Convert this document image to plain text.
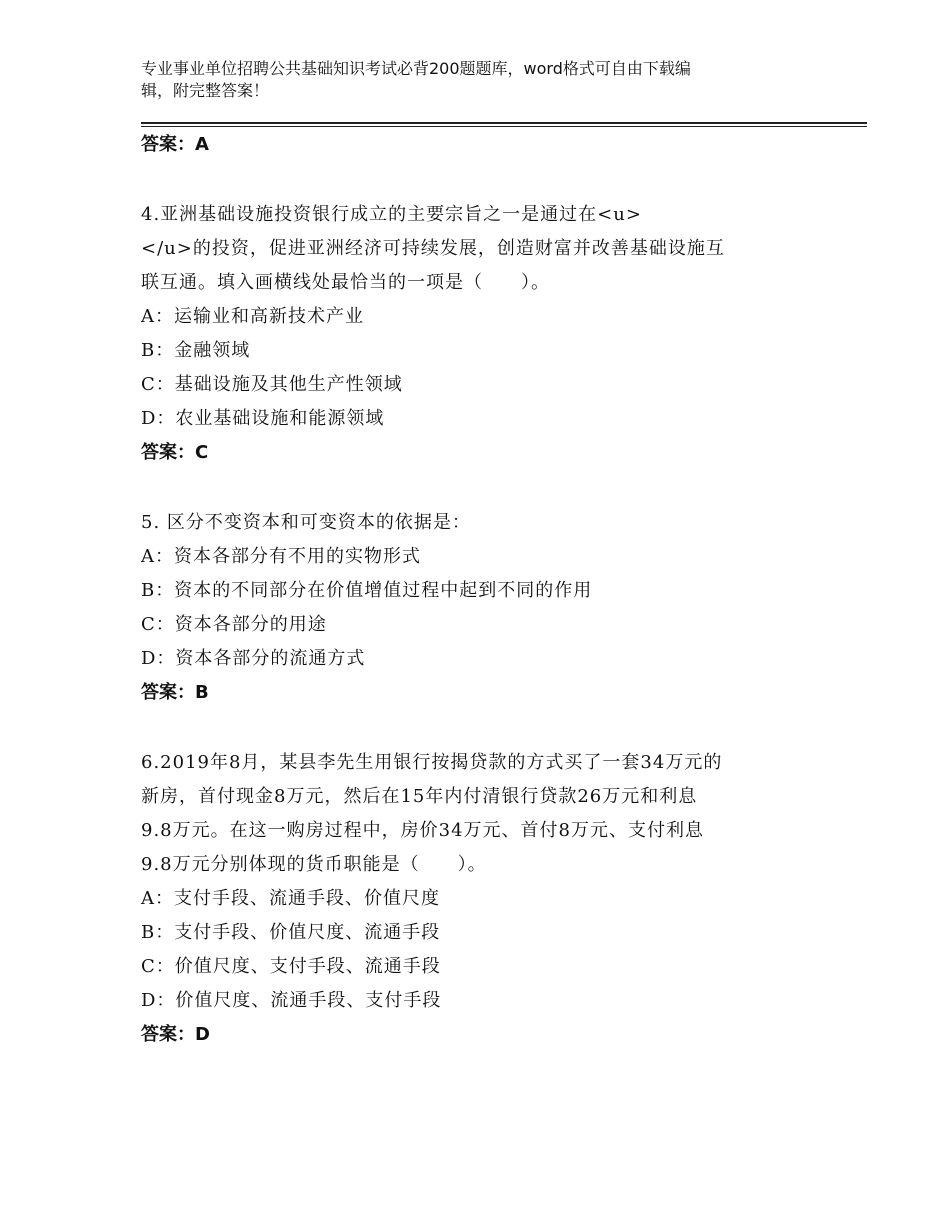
专业事业单位招聘公共基础知识考试必背200题题库，word格式可自由下载编
辑，附完整答案！
答案：A

4.亚洲基础设施投资银行成立的主要宗旨之一是通过在<u>

</u>的投资，促进亚洲经济可持续发展，创造财富并改善基础设施互

联互通。填入画横线处最恰当的一项是（　　）。

A：运输业和高新技术产业
B：金融领域
C：基础设施及其他生产性领域
D：农业基础设施和能源领域
答案：C

5. 区分不变资本和可变资本的依据是：

A：资本各部分有不用的实物形式
B：资本的不同部分在价值增值过程中起到不同的作用
C：资本各部分的用途
D：资本各部分的流通方式
答案：B

6.2019年8月，某县李先生用银行按揭贷款的方式买了一套34万元的

新房，首付现金8万元，然后在15年内付清银行贷款26万元和利息

9.8万元。在这一购房过程中，房价34万元、首付8万元、支付利息

9.8万元分别体现的货币职能是（　　）。

A：支付手段、流通手段、价值尺度
B：支付手段、价值尺度、流通手段
C：价值尺度、支付手段、流通手段
D：价值尺度、流通手段、支付手段
答案：D
